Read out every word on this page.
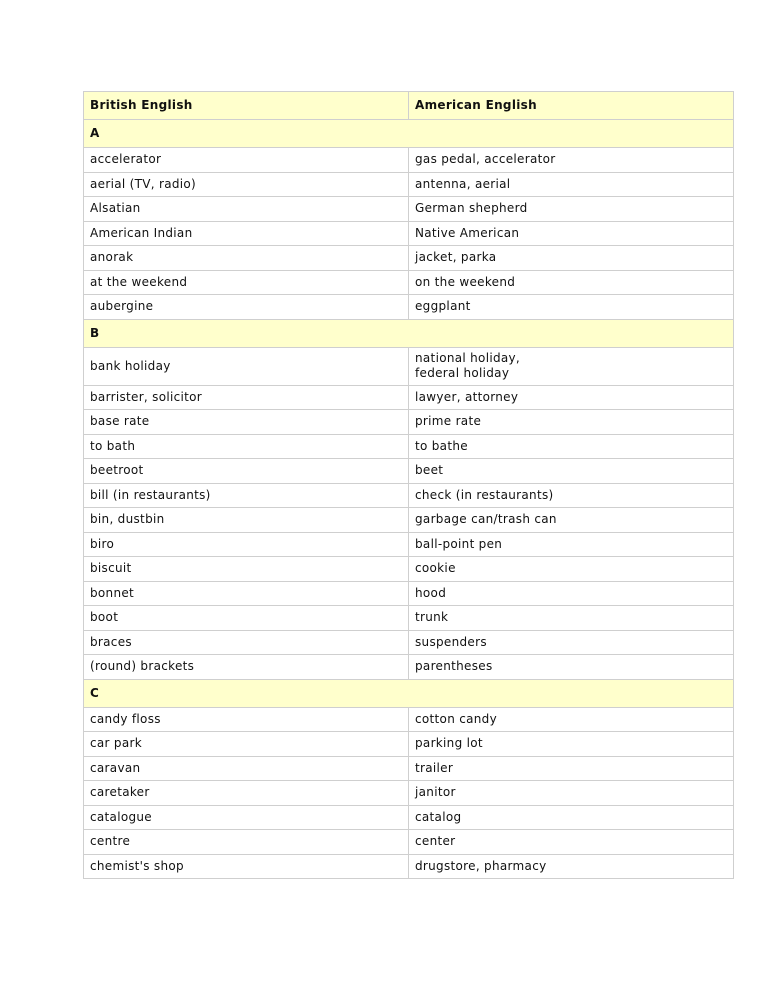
British English	American English
A	
accelerator	gas pedal, accelerator
aerial (TV, radio)	antenna, aerial
Alsatian	German shepherd
American Indian	Native American
anorak	jacket, parka
at the weekend	on the weekend
aubergine	eggplant
B	
bank holiday	national holiday,
federal holiday
barrister, solicitor	lawyer, attorney
base rate	prime rate
to bath	to bathe
beetroot	beet
bill (in restaurants)	check (in restaurants)
bin, dustbin	garbage can/trash can
biro	ball-point pen
biscuit	cookie
bonnet	hood
boot	trunk
braces	suspenders
(round) brackets	parentheses
C	
candy floss	cotton candy
car park	parking lot
caravan	trailer
caretaker	janitor
catalogue	catalog
centre	center
chemist's shop	drugstore, pharmacy
